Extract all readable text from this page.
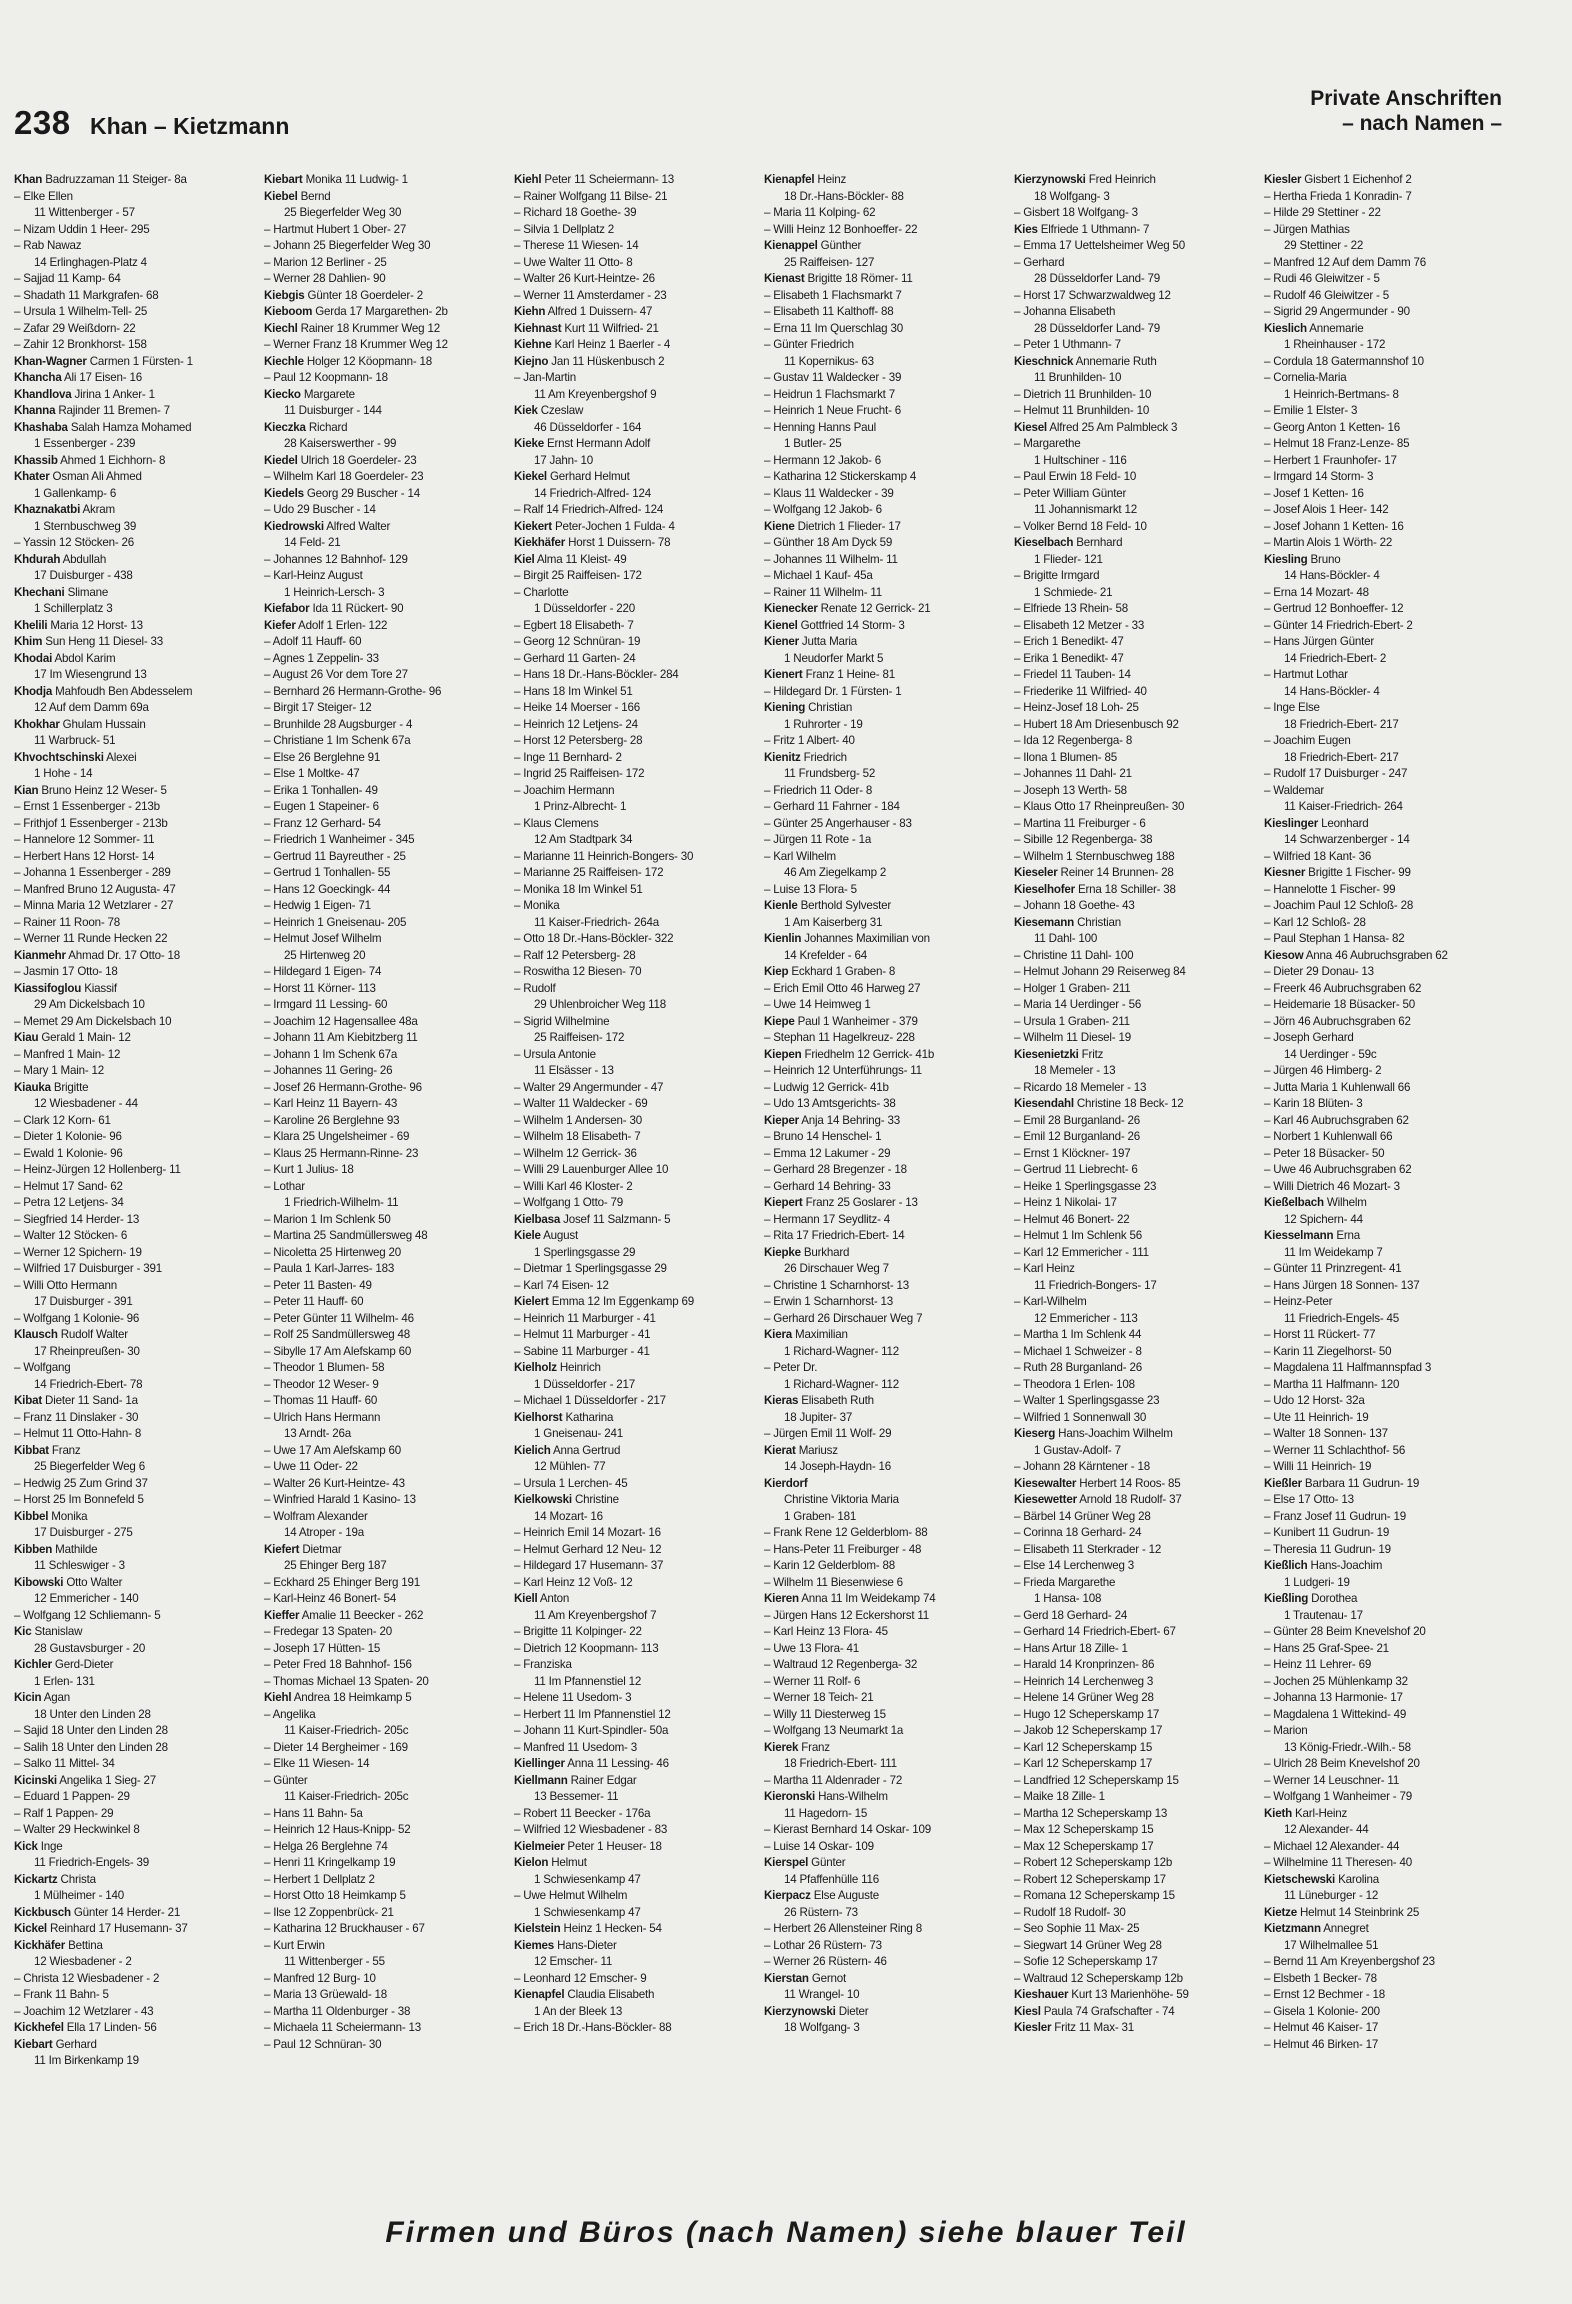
238 Khan – Kietzmann
Private Anschriften
– nach Namen –
Khan Badruzzaman 11 Steiger- 8a
– Elke Ellen
11 Wittenberger - 57
– Nizam Uddin 1 Heer- 295
– Rab Nawaz
14 Erlinghagen-Platz 4
– Sajjad 11 Kamp- 64
– Shadath 11 Markgrafen- 68
– Ursula 1 Wilhelm-Tell- 25
– Zafar 29 Weißdorn- 22
– Zahir 12 Bronkhorst- 158
Khan-Wagner Carmen 1 Fürsten- 1
Khancha Ali 17 Eisen- 16
Khandlova Jirina 1 Anker- 1
Khanna Rajinder 11 Bremen- 7
Khashaba Salah Hamza Mohamed
1 Essenberger - 239
Khassib Ahmed 1 Eichhorn- 8
Khater Osman Ali Ahmed
1 Gallenkamp- 6
Khaznakatbi Akram
1 Sternbuschweg 39
– Yassin 12 Stöcken- 26
Khdurah Abdullah
17 Duisburger - 438
Khechani Slimane
1 Schillerplatz 3
Khelili Maria 12 Horst- 13
Khim Sun Heng 11 Diesel- 33
Khodai Abdol Karim
17 Im Wiesengrund 13
Khodja Mahfoudh Ben Abdesselem
12 Auf dem Damm 69a
Khokhar Ghulam Hussain
11 Warbruck- 51
Khvochtschinski Alexei
1 Hohe - 14
Kian Bruno Heinz 12 Weser- 5
– Ernst 1 Essenberger - 213b
– Frithjof 1 Essenberger - 213b
– Hannelore 12 Sommer- 11
– Herbert Hans 12 Horst- 14
– Johanna 1 Essenberger - 289
– Manfred Bruno 12 Augusta- 47
– Minna Maria 12 Wetzlarer - 27
– Rainer 11 Roon- 78
– Werner 11 Runde Hecken 22
Kianmehr Ahmad Dr. 17 Otto- 18
– Jasmin 17 Otto- 18
Kiassifoglou Kiassif
29 Am Dickelsbach 10
– Memet 29 Am Dickelsbach 10
Kiau Gerald 1 Main- 12
– Manfred 1 Main- 12
– Mary 1 Main- 12
Kiauka Brigitte
12 Wiesbadener - 44
– Clark 12 Korn- 61
– Dieter 1 Kolonie- 96
– Ewald 1 Kolonie- 96
– Heinz-Jürgen 12 Hollenberg- 11
– Helmut 17 Sand- 62
– Petra 12 Letjens- 34
– Siegfried 14 Herder- 13
– Walter 12 Stöcken- 6
– Werner 12 Spichern- 19
– Wilfried 17 Duisburger - 391
– Willi Otto Hermann
17 Duisburger - 391
– Wolfgang 1 Kolonie- 96
Klausch Rudolf Walter
17 Rheinpreußen- 30
– Wolfgang
14 Friedrich-Ebert- 78
Kibat Dieter 11 Sand- 1a
– Franz 11 Dinslaker - 30
– Helmut 11 Otto-Hahn- 8
Kibbat Franz
25 Biegerfelder Weg 6
– Hedwig 25 Zum Grind 37
– Horst 25 Im Bonnefeld 5
Kibbel Monika
17 Duisburger - 275
Kibben Mathilde
11 Schleswiger - 3
Kibowski Otto Walter
12 Emmericher - 140
– Wolfgang 12 Schliemann- 5
Kic Stanislaw
28 Gustavsburger - 20
Kichler Gerd-Dieter
1 Erlen- 131
Kicin Agan
18 Unter den Linden 28
– Sajid 18 Unter den Linden 28
– Salih 18 Unter den Linden 28
– Salko 11 Mittel- 34
Kicinski Angelika 1 Sieg- 27
– Eduard 1 Pappen- 29
– Ralf 1 Pappen- 29
– Walter 29 Heckwinkel 8
Kick Inge
11 Friedrich-Engels- 39
Kickartz Christa
1 Mülheimer - 140
Kickbusch Günter 14 Herder- 21
Kickel Reinhard 17 Husemann- 37
Kickhäfer Bettina
12 Wiesbadener - 2
– Christa 12 Wiesbadener - 2
– Frank 11 Bahn- 5
– Joachim 12 Wetzlarer - 43
Kickhefel Ella 17 Linden- 56
Kiebart Gerhard
11 Im Birkenkamp 19
Kiebart Monika 11 Ludwig- 1
Kiebel Bernd
25 Biegerfelder Weg 30
– Hartmut Hubert 1 Ober- 27
– Johann 25 Biegerfelder Weg 30
– Marion 12 Berliner - 25
– Werner 28 Dahlien- 90
Kiebgis Günter 18 Goerdeler- 2
Kieboom Gerda 17 Margarethen- 2b
Kiechl Rainer 18 Krummer Weg 12
– Werner Franz 18 Krummer Weg 12
Kiechle Holger 12 Köopmann- 18
– Paul 12 Koopmann- 18
Kiecko Margarete
11 Duisburger - 144
Kieczka Richard
28 Kaiserswerther - 99
Kiedel Ulrich 18 Goerdeler- 23
– Wilhelm Karl 18 Goerdeler- 23
Kiedels Georg 29 Buscher - 14
– Udo 29 Buscher - 14
Kiedrowski Alfred Walter
14 Feld- 21
– Johannes 12 Bahnhof- 129
– Karl-Heinz August
1 Heinrich-Lersch- 3
Kiefabor Ida 11 Rückert- 90
Kiefer Adolf 1 Erlen- 122
– Adolf 11 Hauff- 60
– Agnes 1 Zeppelin- 33
– August 26 Vor dem Tore 27
– Bernhard 26 Hermann-Grothe- 96
– Birgit 17 Steiger- 12
– Brunhilde 28 Augsburger - 4
– Christiane 1 Im Schenk 67a
– Else 26 Berglehne 91
– Else 1 Moltke- 47
– Erika 1 Tonhallen- 49
– Eugen 1 Stapeiner- 6
– Franz 12 Gerhard- 54
– Friedrich 1 Wanheimer - 345
– Gertrud 11 Bayreuther - 25
– Gertrud 1 Tonhallen- 55
– Hans 12 Goeckingk- 44
– Hedwig 1 Eigen- 71
– Heinrich 1 Gneisenau- 205
– Helmut Josef Wilhelm
25 Hirtenweg 20
– Hildegard 1 Eigen- 74
– Horst 11 Körner- 113
– Irmgard 11 Lessing- 60
– Joachim 12 Hagensallee 48a
– Johann 11 Am Kiebitzberg 11
– Johann 1 Im Schenk 67a
– Johannes 11 Gering- 26
– Josef 26 Hermann-Grothe- 96
– Karl Heinz 11 Bayern- 43
– Karoline 26 Berglehne 93
– Klara 25 Ungelsheimer - 69
– Klaus 25 Hermann-Rinne- 23
– Kurt 1 Julius- 18
– Lothar
1 Friedrich-Wilhelm- 11
– Marion 1 Im Schlenk 50
– Martina 25 Sandmüllersweg 48
– Nicoletta 25 Hirtenweg 20
– Paula 1 Karl-Jarres- 183
– Peter 11 Basten- 49
– Peter 11 Hauff- 60
– Peter Günter 11 Wilhelm- 46
– Rolf 25 Sandmüllersweg 48
– Sibylle 17 Am Alefskamp 60
– Theodor 1 Blumen- 58
– Theodor 12 Weser- 9
– Thomas 11 Hauff- 60
– Ulrich Hans Hermann
13 Arndt- 26a
– Uwe 17 Am Alefskamp 60
– Uwe 11 Oder- 22
– Walter 26 Kurt-Heintze- 43
– Winfried Harald 1 Kasino- 13
– Wolfram Alexander
14 Atroper - 19a
Kiefert Dietmar
25 Ehinger Berg 187
– Eckhard 25 Ehinger Berg 191
– Karl-Heinz 46 Bonert- 54
Kieffer Amalie 11 Beecker - 262
– Fredegar 13 Spaten- 20
– Joseph 17 Hütten- 15
– Peter Fred 18 Bahnhof- 156
– Thomas Michael 13 Spaten- 20
Kiehl Andrea 18 Heimkamp 5
– Angelika
11 Kaiser-Friedrich- 205c
– Dieter 14 Bergheimer - 169
– Elke 11 Wiesen- 14
– Günter
11 Kaiser-Friedrich- 205c
– Hans 11 Bahn- 5a
– Heinrich 12 Haus-Knipp- 52
– Helga 26 Berglehne 74
– Henri 11 Kringelkamp 19
– Herbert 1 Dellplatz 2
– Horst Otto 18 Heimkamp 5
– Ilse 12 Zoppenbrück- 21
– Katharina 12 Bruckhauser - 67
– Kurt Erwin
11 Wittenberger - 55
– Manfred 12 Burg- 10
– Maria 13 Grüewald- 18
– Martha 11 Oldenburger - 38
– Michaela 11 Scheiermann- 13
– Paul 12 Schnüran- 30
Kiehl Peter 11 Scheiermann- 13
– Rainer Wolfgang 11 Bilse- 21
– Richard 18 Goethe- 39
– Silvia 1 Dellplatz 2
– Therese 11 Wiesen- 14
– Uwe Walter 11 Otto- 8
– Walter 26 Kurt-Heintze- 26
– Werner 11 Amsterdamer - 23
Kiehn Alfred 1 Duissern- 47
Kiehnast Kurt 11 Wilfried- 21
Kiehne Karl Heinz 1 Baerler - 4
Kiejno Jan 11 Hüskenbusch 2
– Jan-Martin
11 Am Kreyenbergshof 9
Kiek Czeslaw
46 Düsseldorfer - 164
Kieke Ernst Hermann Adolf
17 Jahn- 10
Kiekel Gerhard Helmut
14 Friedrich-Alfred- 124
– Ralf 14 Friedrich-Alfred- 124
Kiekert Peter-Jochen 1 Fulda- 4
Kiekhäfer Horst 1 Duissern- 78
Kiel Alma 11 Kleist- 49
– Birgit 25 Raiffeisen- 172
– Charlotte
1 Düsseldorfer - 220
– Egbert 18 Elisabeth- 7
– Georg 12 Schnüran- 19
– Gerhard 11 Garten- 24
– Hans 18 Dr.-Hans-Böckler- 284
– Hans 18 Im Winkel 51
– Heike 14 Moerser - 166
– Heinrich 12 Letjens- 24
– Horst 12 Petersberg- 28
– Inge 11 Bernhard- 2
– Ingrid 25 Raiffeisen- 172
– Joachim Hermann
1 Prinz-Albrecht- 1
– Klaus Clemens
12 Am Stadtpark 34
– Marianne 11 Heinrich-Bongers- 30
– Marianne 25 Raiffeisen- 172
– Monika 18 Im Winkel 51
– Monika
11 Kaiser-Friedrich- 264a
– Otto 18 Dr.-Hans-Böckler- 322
– Ralf 12 Petersberg- 28
– Roswitha 12 Biesen- 70
– Rudolf
29 Uhlenbroicher Weg 118
– Sigrid Wilhelmine
25 Raiffeisen- 172
– Ursula Antonie
11 Elsässer - 13
– Walter 29 Angermunder - 47
– Walter 11 Waldecker - 69
– Wilhelm 1 Andersen- 30
– Wilhelm 18 Elisabeth- 7
– Wilhelm 12 Gerrick- 36
– Willi 29 Lauenburger Allee 10
– Willi Karl 46 Kloster- 2
– Wolfgang 1 Otto- 79
Kielbasa Josef 11 Salzmann- 5
Kiele August
1 Sperlingsgasse 29
– Dietmar 1 Sperlingsgasse 29
– Karl 74 Eisen- 12
Kielert Emma 12 Im Eggenkamp 69
– Heinrich 11 Marburger - 41
– Helmut 11 Marburger - 41
– Sabine 11 Marburger - 41
Kielholz Heinrich
1 Düsseldorfer - 217
– Michael 1 Düsseldorfer - 217
Kielhorst Katharina
1 Gneisenau- 241
Kielich Anna Gertrud
12 Mühlen- 77
– Ursula 1 Lerchen- 45
Kielkowski Christine
14 Mozart- 16
– Heinrich Emil 14 Mozart- 16
– Helmut Gerhard 12 Neu- 12
– Hildegard 17 Husemann- 37
– Karl Heinz 12 Voß- 12
Kiell Anton
11 Am Kreyenbergshof 7
– Brigitte 11 Kolpinger- 22
– Dietrich 12 Koopmann- 113
– Franziska
11 Im Pfannenstiel 12
– Helene 11 Usedom- 3
– Herbert 11 Im Pfannenstiel 12
– Johann 11 Kurt-Spindler- 50a
– Manfred 11 Usedom- 3
Kiellinger Anna 11 Lessing- 46
Kiellmann Rainer Edgar
13 Bessemer- 11
– Robert 11 Beecker - 176a
– Wilfried 12 Wiesbadener - 83
Kielmeier Peter 1 Heuser- 18
Kielon Helmut
1 Schwiesenkamp 47
– Uwe Helmut Wilhelm
1 Schwiesenkamp 47
Kielstein Heinz 1 Hecken- 54
Kiemes Hans-Dieter
12 Emscher- 11
– Leonhard 12 Emscher- 9
Kienapfel Claudia Elisabeth
1 An der Bleek 13
– Erich 18 Dr.-Hans-Böckler- 88
Kienapfel Heinz
18 Dr.-Hans-Böckler- 88
– Maria 11 Kolping- 62
– Willi Heinz 12 Bonhoeffer- 22
Kienappel Günther
25 Raiffeisen- 127
Kienast Brigitte 18 Römer- 11
– Elisabeth 1 Flachsmarkt 7
– Elisabeth 11 Kalthoff- 88
– Erna 11 Im Querschlag 30
– Günter Friedrich
11 Kopernikus- 63
– Gustav 11 Waldecker - 39
– Heidrun 1 Flachsmarkt 7
– Heinrich 1 Neue Frucht- 6
– Henning Hanns Paul
1 Butler- 25
– Hermann 12 Jakob- 6
– Katharina 12 Stickerskamp 4
– Klaus 11 Waldecker - 39
– Wolfgang 12 Jakob- 6
Kiene Dietrich 1 Flieder- 17
– Günther 18 Am Dyck 59
– Johannes 11 Wilhelm- 11
– Michael 1 Kauf- 45a
– Rainer 11 Wilhelm- 11
Kienecker Renate 12 Gerrick- 21
Kienel Gottfried 14 Storm- 3
Kiener Jutta Maria
1 Neudorfer Markt 5
Kienert Franz 1 Heine- 81
– Hildegard Dr. 1 Fürsten- 1
Kiening Christian
1 Ruhrorter - 19
– Fritz 1 Albert- 40
Kienitz Friedrich
11 Frundsberg- 52
– Friedrich 11 Oder- 8
– Gerhard 11 Fahrner - 184
– Günter 25 Angerhauser - 83
– Jürgen 11 Rote - 1a
– Karl Wilhelm
46 Am Ziegelkamp 2
– Luise 13 Flora- 5
Kienle Berthold Sylvester
1 Am Kaiserberg 31
Kienlin Johannes Maximilian von
14 Krefelder - 64
Kiep Eckhard 1 Graben- 8
– Erich Emil Otto 46 Harweg 27
– Uwe 14 Heimweg 1
Kiepe Paul 1 Wanheimer - 379
– Stephan 11 Hagelkreuz- 228
Kiepen Friedhelm 12 Gerrick- 41b
– Heinrich 12 Unterführungs- 11
– Ludwig 12 Gerrick- 41b
– Udo 13 Amtsgerichts- 38
Kieper Anja 14 Behring- 33
– Bruno 14 Henschel- 1
– Emma 12 Lakumer - 29
– Gerhard 28 Bregenzer - 18
– Gerhard 14 Behring- 33
Kiepert Franz 25 Goslarer - 13
– Hermann 17 Seydlitz- 4
– Rita 17 Friedrich-Ebert- 14
Kiepke Burkhard
26 Dirschauer Weg 7
– Christine 1 Scharnhorst- 13
– Erwin 1 Scharnhorst- 13
– Gerhard 26 Dirschauer Weg 7
Kiera Maximilian
1 Richard-Wagner- 112
– Peter Dr.
1 Richard-Wagner- 112
Kieras Elisabeth Ruth
18 Jupiter- 37
– Jürgen Emil 11 Wolf- 29
Kierat Mariusz
14 Joseph-Haydn- 16
Kierdorf
Christine Viktoria Maria
1 Graben- 181
– Frank Rene 12 Gelderblom- 88
– Hans-Peter 11 Freiburger - 48
– Karin 12 Gelderblom- 88
– Wilhelm 11 Biesenwiese 6
Kieren Anna 11 Im Weidekamp 74
– Jürgen Hans 12 Eckershorst 11
– Karl Heinz 13 Flora- 45
– Uwe 13 Flora- 41
– Waltraud 12 Regenberga- 32
– Werner 11 Rolf- 6
– Werner 18 Teich- 21
– Willy 11 Diesterweg 15
– Wolfgang 13 Neumarkt 1a
Kierek Franz
18 Friedrich-Ebert- 111
– Martha 11 Aldenrader - 72
Kieronski Hans-Wilhelm
11 Hagedorn- 15
– Kierast Bernhard 14 Oskar- 109
– Luise 14 Oskar- 109
Kierspel Günter
14 Pfaffenhülle 116
Kierpacz Else Auguste
26 Rüstern- 73
– Herbert 26 Allensteiner Ring 8
– Lothar 26 Rüstern- 73
– Werner 26 Rüstern- 46
Kierstan Gernot
11 Wrangel- 10
Kierzynowski Dieter
18 Wolfgang- 3
Kierzynowski Fred Heinrich
18 Wolfgang- 3
– Gisbert 18 Wolfgang- 3
Kies Elfriede 1 Uthmann- 7
– Emma 17 Uettelsheimer Weg 50
– Gerhard
28 Düsseldorfer Land- 79
– Horst 17 Schwarzwaldweg 12
– Johanna Elisabeth
28 Düsseldorfer Land- 79
– Peter 1 Uthmann- 7
Kieschnick Annemarie Ruth
11 Brunhilden- 10
– Dietrich 11 Brunhilden- 10
– Helmut 11 Brunhilden- 10
Kiesel Alfred 25 Am Palmbleck 3
– Margarethe
1 Hultschiner - 116
– Paul Erwin 18 Feld- 10
– Peter William Günter
11 Johannismarkt 12
– Volker Bernd 18 Feld- 10
Kieselbach Bernhard
1 Flieder- 121
– Brigitte Irmgard
1 Schmiede- 21
– Elfriede 13 Rhein- 58
– Elisabeth 12 Metzer - 33
– Erich 1 Benedikt- 47
– Erika 1 Benedikt- 47
– Friedel 11 Tauben- 14
– Friederike 11 Wilfried- 40
– Heinz-Josef 18 Loh- 25
– Hubert 18 Am Driesenbusch 92
– Ida 12 Regenberga- 8
– Ilona 1 Blumen- 85
– Johannes 11 Dahl- 21
– Joseph 13 Werth- 58
– Klaus Otto 17 Rheinpreußen- 30
– Martina 11 Freiburger - 6
– Sibille 12 Regenberga- 38
– Wilhelm 1 Sternbuschweg 188
Kieseler Reiner 14 Brunnen- 28
Kieselhofer Erna 18 Schiller- 38
– Johann 18 Goethe- 43
Kiesemann Christian
11 Dahl- 100
– Christine 11 Dahl- 100
– Helmut Johann 29 Reiserweg 84
– Holger 1 Graben- 211
– Maria 14 Uerdinger - 56
– Ursula 1 Graben- 211
– Wilhelm 11 Diesel- 19
Kiesenietzki Fritz
18 Memeler - 13
– Ricardo 18 Memeler - 13
Kiesendahl Christine 18 Beck- 12
– Emil 28 Burganland- 26
– Emil 12 Burganland- 26
– Ernst 1 Klöckner- 197
– Gertrud 11 Liebrecht- 6
– Heike 1 Sperlingsgasse 23
– Heinz 1 Nikolai- 17
– Helmut 46 Bonert- 22
– Helmut 1 Im Schlenk 56
– Karl 12 Emmericher - 111
– Karl Heinz
11 Friedrich-Bongers- 17
– Karl-Wilhelm
12 Emmericher - 113
– Martha 1 Im Schlenk 44
– Michael 1 Schweizer - 8
– Ruth 28 Burganland- 26
– Theodora 1 Erlen- 108
– Walter 1 Sperlingsgasse 23
– Wilfried 1 Sonnenwall 30
Kieserg Hans-Joachim Wilhelm
1 Gustav-Adolf- 7
– Johann 28 Kärntener - 18
Kiesewalter Herbert 14 Roos- 85
Kiesewetter Arnold 18 Rudolf- 37
– Bärbel 14 Grüner Weg 28
– Corinna 18 Gerhard- 24
– Elisabeth 11 Sterkrader - 12
– Else 14 Lerchenweg 3
– Frieda Margarethe
1 Hansa- 108
– Gerd 18 Gerhard- 24
– Gerhard 14 Friedrich-Ebert- 67
– Hans Artur 18 Zille- 1
– Harald 14 Kronprinzen- 86
– Heinrich 14 Lerchenweg 3
– Helene 14 Grüner Weg 28
– Hugo 12 Scheperskamp 17
– Jakob 12 Scheperskamp 17
– Karl 12 Scheperskamp 15
– Karl 12 Scheperskamp 17
– Landfried 12 Scheperskamp 15
– Maike 18 Zille- 1
– Martha 12 Scheperskamp 13
– Max 12 Scheperskamp 15
– Max 12 Scheperskamp 17
– Robert 12 Scheperskamp 12b
– Robert 12 Scheperskamp 17
– Romana 12 Scheperskamp 15
– Rudolf 18 Rudolf- 30
– Seo Sophie 11 Max- 25
– Siegwart 14 Grüner Weg 28
– Sofie 12 Scheperskamp 17
– Waltraud 12 Scheperskamp 12b
Kieshauer Kurt 13 Marienhöhe- 59
Kiesl Paula 74 Grafschafter - 74
Kiesler Fritz 11 Max- 31
Kiesler Gisbert 1 Eichenhof 2
– Hertha Frieda 1 Konradin- 7
– Hilde 29 Stettiner - 22
– Jürgen Mathias
29 Stettiner - 22
– Manfred 12 Auf dem Damm 76
– Rudi 46 Gleiwitzer - 5
– Rudolf 46 Gleiwitzer - 5
– Sigrid 29 Angermunder - 90
Kieslich Annemarie
1 Rheinhauser - 172
– Cordula 18 Gatermannshof 10
– Cornelia-Maria
1 Heinrich-Bertmans- 8
– Emilie 1 Elster- 3
– Georg Anton 1 Ketten- 16
– Helmut 18 Franz-Lenze- 85
– Herbert 1 Fraunhofer- 17
– Irmgard 14 Storm- 3
– Josef 1 Ketten- 16
– Josef Alois 1 Heer- 142
– Josef Johann 1 Ketten- 16
– Martin Alois 1 Wörth- 22
Kiesling Bruno
14 Hans-Böckler- 4
– Erna 14 Mozart- 48
– Gertrud 12 Bonhoeffer- 12
– Günter 14 Friedrich-Ebert- 2
– Hans Jürgen Günter
14 Friedrich-Ebert- 2
– Hartmut Lothar
14 Hans-Böckler- 4
– Inge Else
18 Friedrich-Ebert- 217
– Joachim Eugen
18 Friedrich-Ebert- 217
– Rudolf 17 Duisburger - 247
– Waldemar
11 Kaiser-Friedrich- 264
Kieslinger Leonhard
14 Schwarzenberger - 14
– Wilfried 18 Kant- 36
Kiesner Brigitte 1 Fischer- 99
– Hannelotte 1 Fischer- 99
– Joachim Paul 12 Schloß- 28
– Karl 12 Schloß- 28
– Paul Stephan 1 Hansa- 82
Kiesow Anna 46 Aubruchsgraben 62
– Dieter 29 Donau- 13
– Freerk 46 Aubruchsgraben 62
– Heidemarie 18 Büsacker- 50
– Jörn 46 Aubruchsgraben 62
– Joseph Gerhard
14 Uerdinger - 59c
– Jürgen 46 Himberg- 2
– Jutta Maria 1 Kuhlenwall 66
– Karin 18 Blüten- 3
– Karl 46 Aubruchsgraben 62
– Norbert 1 Kuhlenwall 66
– Peter 18 Büsacker- 50
– Uwe 46 Aubruchsgraben 62
– Willi Dietrich 46 Mozart- 3
Kießelbach Wilhelm
12 Spichern- 44
Kiesselmann Erna
11 Im Weidekamp 7
– Günter 11 Prinzregent- 41
– Hans Jürgen 18 Sonnen- 137
– Heinz-Peter
11 Friedrich-Engels- 45
– Horst 11 Rückert- 77
– Karin 11 Ziegelhorst- 50
– Magdalena 11 Halfmannspfad 3
– Martha 11 Halfmann- 120
– Udo 12 Horst- 32a
– Ute 11 Heinrich- 19
– Walter 18 Sonnen- 137
– Werner 11 Schlachthof- 56
– Willi 11 Heinrich- 19
Kießler Barbara 11 Gudrun- 19
– Else 17 Otto- 13
– Franz Josef 11 Gudrun- 19
– Kunibert 11 Gudrun- 19
– Theresia 11 Gudrun- 19
Kießlich Hans-Joachim
1 Ludgeri- 19
Kießling Dorothea
1 Trautenau- 17
– Günter 28 Beim Knevelshof 20
– Hans 25 Graf-Spee- 21
– Heinz 11 Lehrer- 69
– Jochen 25 Mühlenkamp 32
– Johanna 13 Harmonie- 17
– Magdalena 1 Wittekind- 49
– Marion
13 König-Friedr.-Wilh.- 58
– Ulrich 28 Beim Knevelshof 20
– Werner 14 Leuschner- 11
– Wolfgang 1 Wanheimer - 79
Kieth Karl-Heinz
12 Alexander- 44
– Michael 12 Alexander- 44
– Wilhelmine 11 Theresen- 40
Kietschewski Karolina
11 Lüneburger - 12
Kietze Helmut 14 Steinbrink 25
Kietzmann Annegret
17 Wilhelmallee 51
– Bernd 11 Am Kreyenbergshof 23
– Elsbeth 1 Becker- 78
– Ernst 12 Bechmer - 18
– Gisela 1 Kolonie- 200
– Helmut 46 Kaiser- 17
– Helmut 46 Birken- 17
Firmen und Büros (nach Namen) siehe blauer Teil
